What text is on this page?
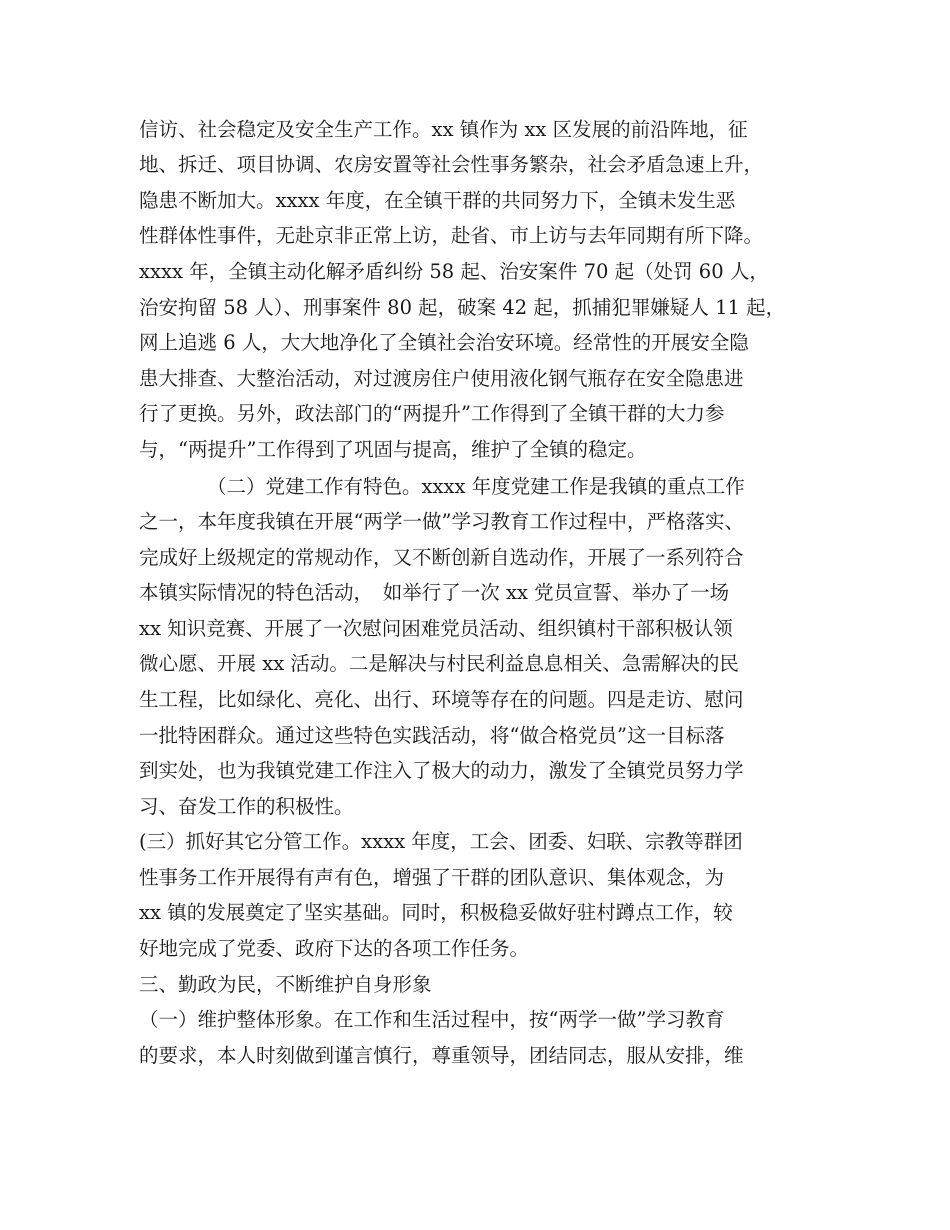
信访、社会稳定及安全生产工作。xx 镇作为 xx 区发展的前沿阵地，征
地、拆迁、项目协调、农房安置等社会性事务繁杂，社会矛盾急速上升，
隐患不断加大。xxxx 年度，在全镇干群的共同努力下，全镇未发生恶
性群体性事件，无赴京非正常上访，赴省、市上访与去年同期有所下降。
xxxx 年，全镇主动化解矛盾纠纷 58 起、治安案件 70 起（处罚 60 人，
治安拘留 58 人）、刑事案件 80 起，破案 42 起，抓捕犯罪嫌疑人 11 起，
网上追逃 6 人，大大地净化了全镇社会治安环境。经常性的开展安全隐
患大排查、大整治活动，对过渡房住户使用液化钢气瓶存在安全隐患进
行了更换。另外，政法部门的“两提升”工作得到了全镇干群的大力参
与，“两提升”工作得到了巩固与提高，维护了全镇的稳定。
（二）党建工作有特色。xxxx 年度党建工作是我镇的重点工作
之一，本年度我镇在开展“两学一做”学习教育工作过程中，严格落实、
完成好上级规定的常规动作，又不断创新自选动作，开展了一系列符合
本镇实际情况的特色活动，　如举行了一次 xx 党员宣誓、举办了一场
xx 知识竞赛、开展了一次慰问困难党员活动、组织镇村干部积极认领
微心愿、开展 xx 活动。二是解决与村民利益息息相关、急需解决的民
生工程，比如绿化、亮化、出行、环境等存在的问题。四是走访、慰问
一批特困群众。通过这些特色实践活动，将“做合格党员”这一目标落
到实处，也为我镇党建工作注入了极大的动力，激发了全镇党员努力学
习、奋发工作的积极性。
(三）抓好其它分管工作。xxxx 年度，工会、团委、妇联、宗教等群团
性事务工作开展得有声有色，增强了干群的团队意识、集体观念，为
xx 镇的发展奠定了坚实基础。同时，积极稳妥做好驻村蹲点工作，较
好地完成了党委、政府下达的各项工作任务。
三、勤政为民，不断维护自身形象
（一）维护整体形象。在工作和生活过程中，按“两学一做”学习教育
的要求，本人时刻做到谨言慎行，尊重领导，团结同志，服从安排，维
